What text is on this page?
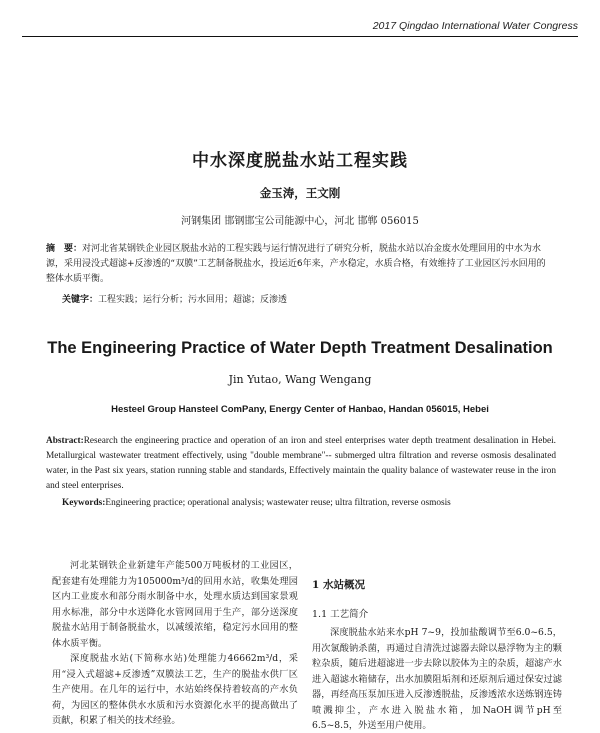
2017 Qingdao International Water Congress
中水深度脱盐水站工程实践
金玉涛，王文刚
河钢集团 邯钢邯宝公司能源中心，河北 邯郸 056015
摘　要：对河北省某钢铁企业园区脱盐水站的工程实践与运行情况进行了研究分析，脱盐水站以冶金废水处理回用的中水为水源，采用浸没式超滤+反渗透的“双膜”工艺制备脱盐水，投运近6年来，产水稳定，水质合格，有效维持了工业园区污水回用的整体水质平衡。
关键字：工程实践；运行分析；污水回用；超滤；反渗透
The Engineering Practice of Water Depth Treatment Desalination
Jin Yutao, Wang Wengang
Hesteel Group Hansteel ComPany, Energy Center of Hanbao, Handan 056015, Hebei
Abstract:Research the engineering practice and operation of an iron and steel enterprises water depth treatment desalination in Hebei. Metallurgical wastewater treatment effectively, using "double membrane"-- submerged ultra filtration and reverse osmosis desalinated water, in the Past six years, station running stable and standards, Effectively maintain the quality balance of wastewater reuse in the iron and steel enterprises.
Keywords:Engineering practice; operational analysis; wastewater reuse; ultra filtration, reverse osmosis

河北某钢铁企业新建年产能500万吨板材的工业园区，配套建有处理能力为105000m³/d的回用水站，收集处理园区内工业废水和部分雨水制备中水，处理水质达到国家景观用水标准，部分中水送降化水管网回用于生产，部分送深度脱盐水站用于制备脱盐水，以减缓浓缩，稳定污水回用的整体水质平衡。

深度脱盐水站(下简称水站)处理能力46662m³/d，采用“浸入式超滤+反渗透”双膜法工艺，生产的脱盐水供厂区生产使用。在几年的运行中，水站始终保持着较高的产水负荷，为园区的整体供水水质和污水资源化水平的提高做出了贡献，积累了相关的技术经验。

1 水站概况
1.1 工艺简介

深度脱盐水站来水pH 7~9，投加盐酸调节至6.0~6.5，用次氯酸钠杀菌，再通过自清洗过滤器去除以悬浮物为主的颗粒杂质，随后进超滤进一步去除以胶体为主的杂质，超滤产水进入超滤水箱储存，出水加膜阻垢剂和还原剂后通过保安过滤器，再经高压泵加压进入反渗透脱盐，反渗透浓水送炼钢连铸喷溅抑尘，产水进入脱盐水箱，加NaOH调节pH至6.5~8.5，外送至用户使用。
